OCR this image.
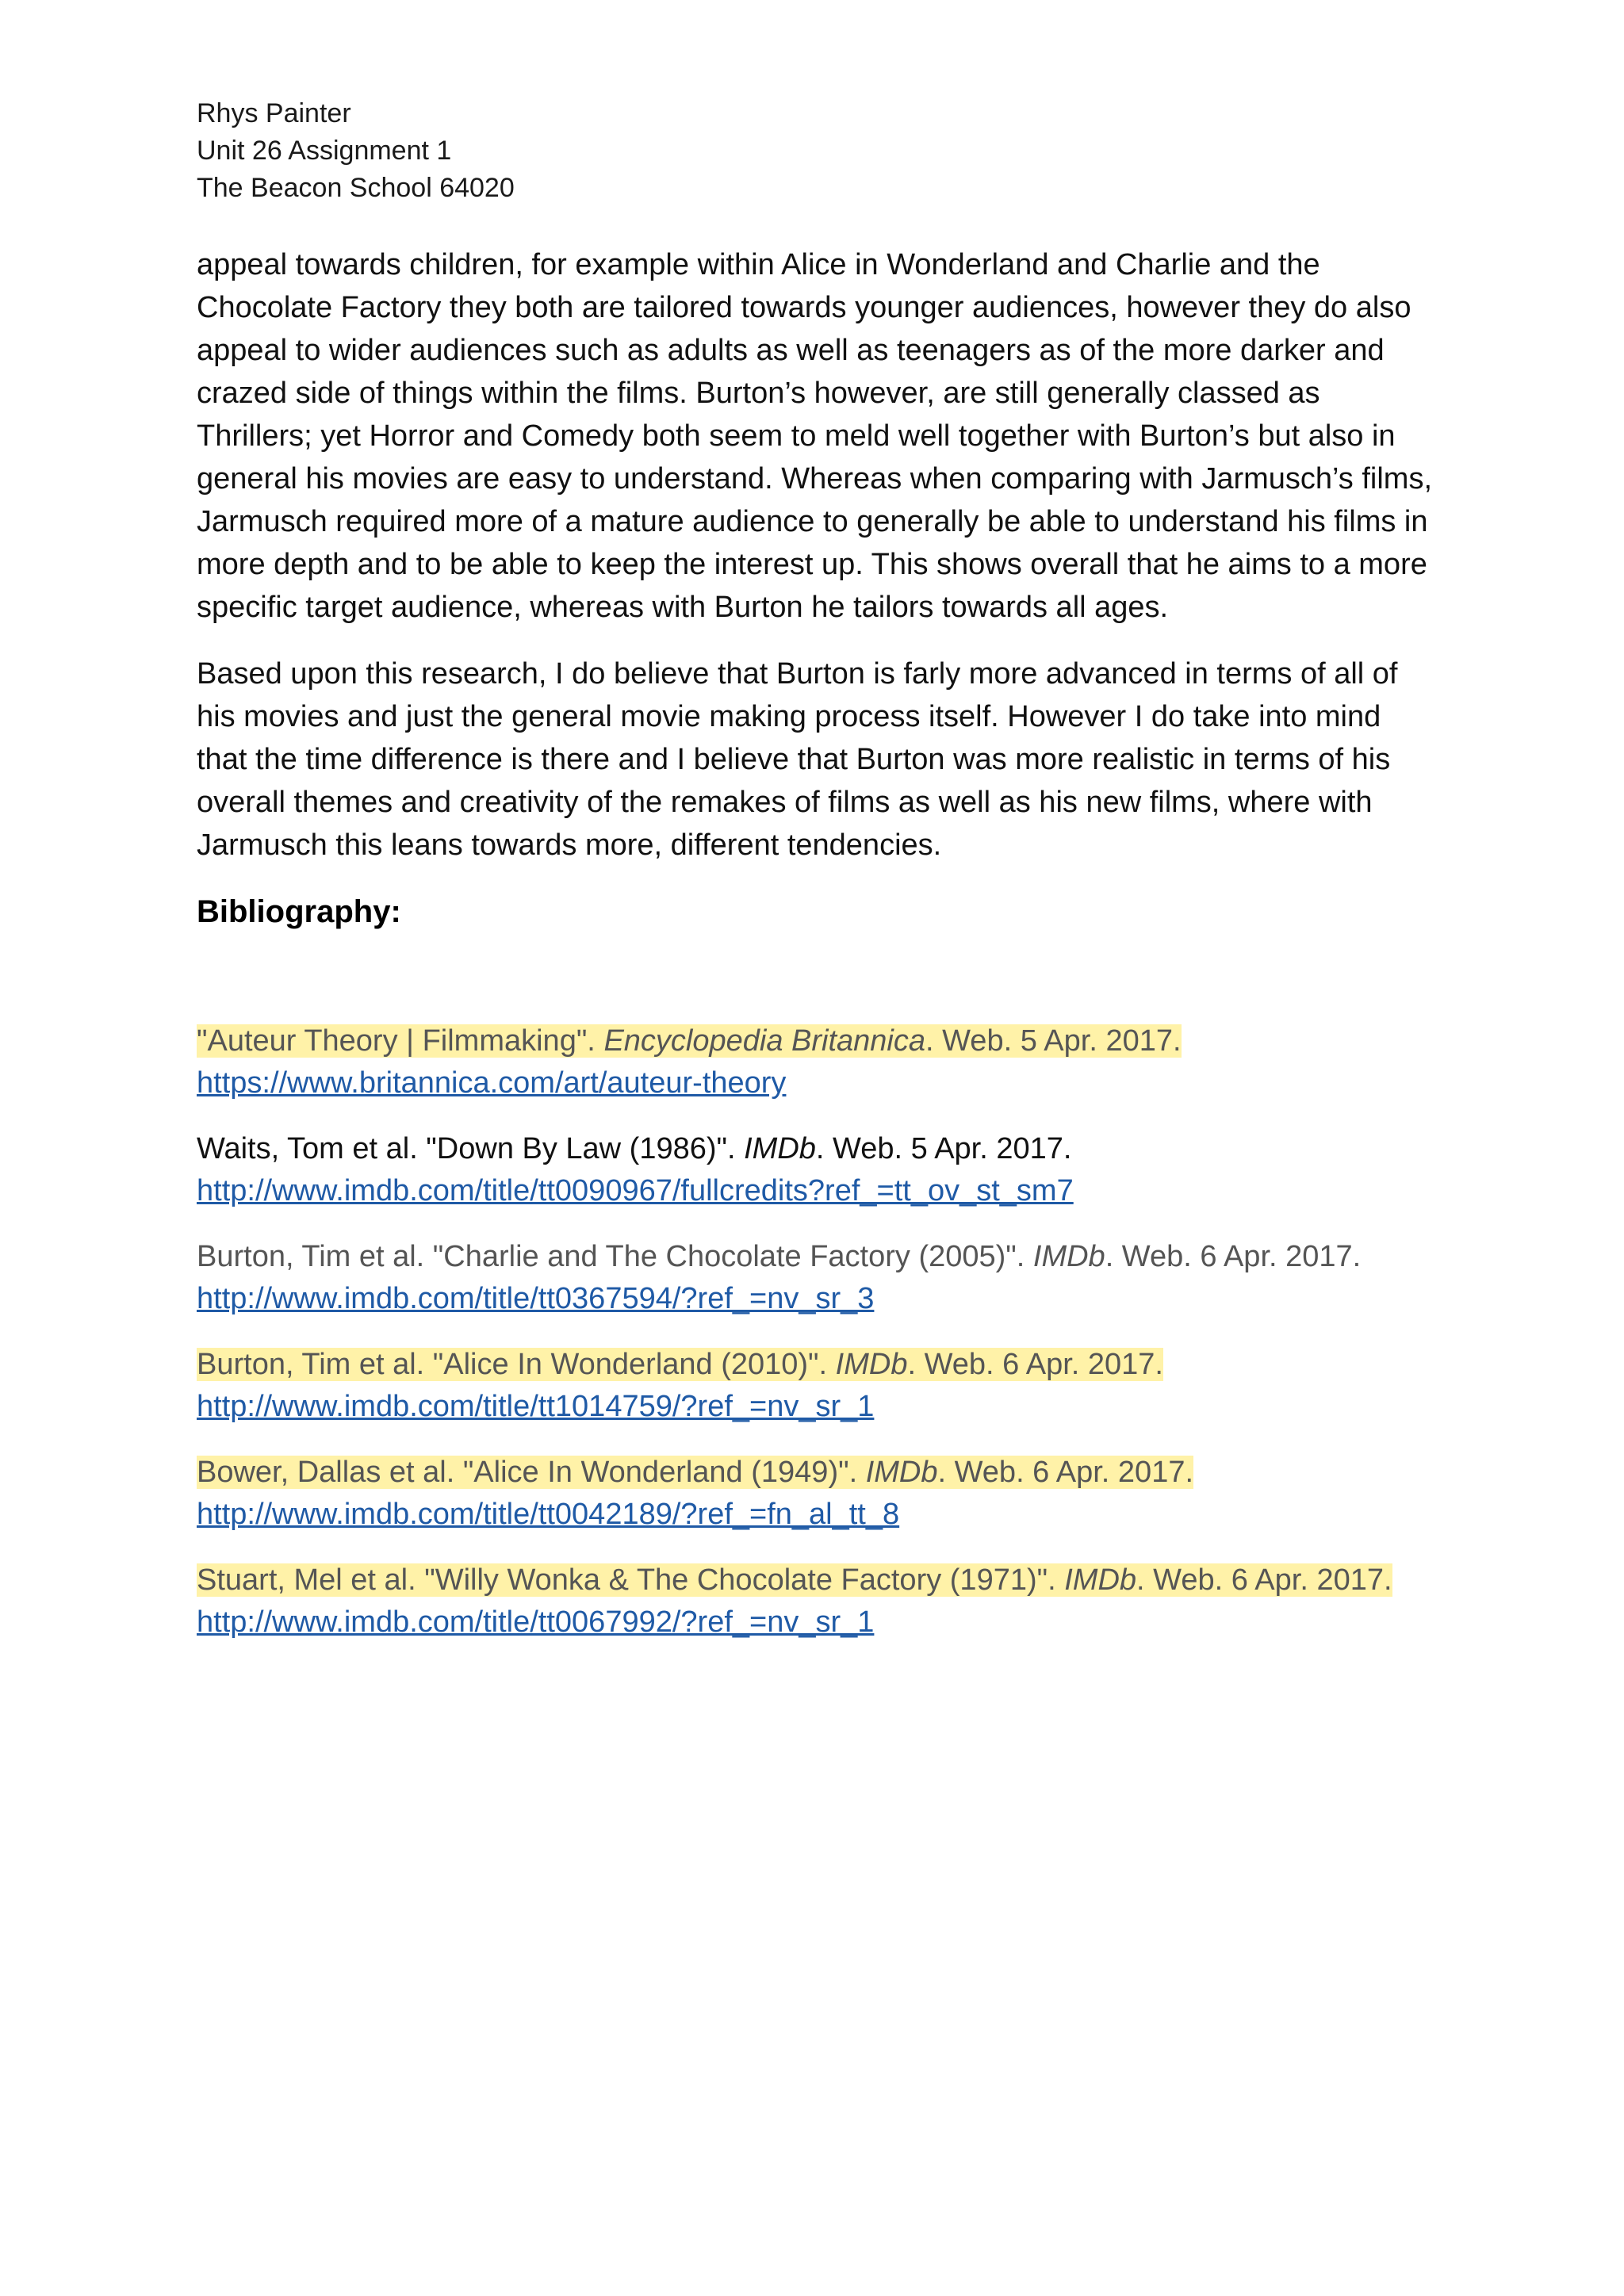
Rhys Painter

Unit 26 Assignment 1

The Beacon School 64020

appeal towards children, for example within Alice in Wonderland and Charlie and the Chocolate Factory they both are tailored towards younger audiences, however they do also appeal to wider audiences such as adults as well as teenagers as of the more darker and crazed side of things within the films. Burton’s however, are still generally classed as Thrillers; yet Horror and Comedy both seem to meld well together with Burton’s but also in general his movies are easy to understand. Whereas when comparing with Jarmusch’s films, Jarmusch required more of a mature audience to generally be able to understand his films in more depth and to be able to keep the interest up. This shows overall that he aims to a more specific target audience, whereas with Burton he tailors towards all ages.

Based upon this research, I do believe that Burton is farly more advanced in terms of all of his movies and just the general movie making process itself. However I do take into mind that the time difference is there and I believe that Burton was more realistic in terms of his overall themes and creativity of the remakes of films as well as his new films, where with Jarmusch this leans towards more, different tendencies.

Bibliography:
"Auteur Theory | Filmmaking". Encyclopedia Britannica. Web. 5 Apr. 2017.
https://www.britannica.com/art/auteur-theory
Waits, Tom et al. "Down By Law (1986)". IMDb. Web. 5 Apr. 2017.
http://www.imdb.com/title/tt0090967/fullcredits?ref_=tt_ov_st_sm7
Burton, Tim et al. "Charlie and The Chocolate Factory (2005)". IMDb. Web. 6 Apr. 2017.
http://www.imdb.com/title/tt0367594/?ref_=nv_sr_3
Burton, Tim et al. "Alice In Wonderland (2010)". IMDb. Web. 6 Apr. 2017.
http://www.imdb.com/title/tt1014759/?ref_=nv_sr_1
Bower, Dallas et al. "Alice In Wonderland (1949)". IMDb. Web. 6 Apr. 2017.
http://www.imdb.com/title/tt0042189/?ref_=fn_al_tt_8
Stuart, Mel et al. "Willy Wonka & The Chocolate Factory (1971)". IMDb. Web. 6 Apr. 2017.
http://www.imdb.com/title/tt0067992/?ref_=nv_sr_1
